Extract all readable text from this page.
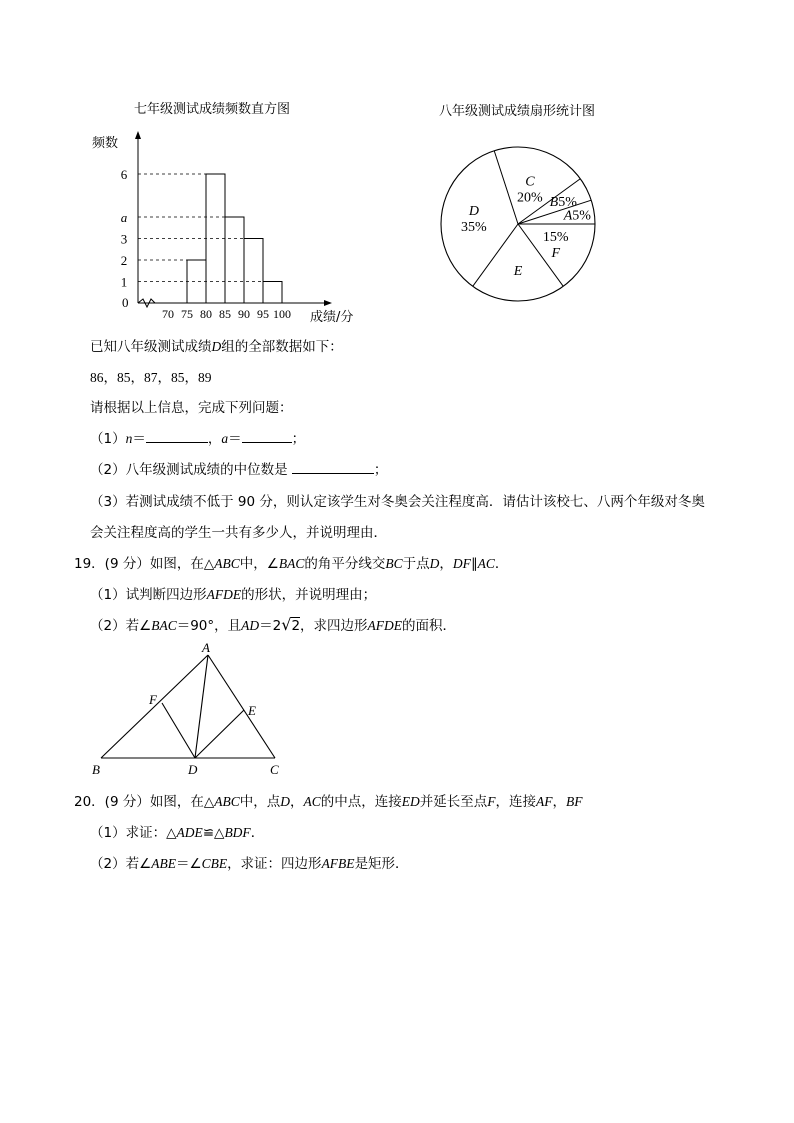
七年级测试成绩频数直方图
频数
成绩/分
0
70 75 80 85 90 95 100
1
2
3
a
6
八年级测试成绩扇形统计图
A5%
B5%
C
20%
D
35%
E
15%
F
已知八年级测试成绩D组的全部数据如下：
86，85，87，85，89
请根据以上信息，完成下列问题：
（1）n＝	，a＝	；
（2）八年级测试成绩的中位数是	；
（3）若测试成绩不低于 90 分，则认定该学生对冬奥会关注程度高．请估计该校七、八两个年级对冬奥
会关注程度高的学生一共有多少人，并说明理由．
19．(9 分）如图，在△ABC中，∠BAC的角平分线交BC于点D，DF∥AC．
（1）试判断四边形AFDE的形状，并说明理由；
（2）若∠BAC＝90°，且AD＝2√2，求四边形AFDE的面积．
A
B	C
D
E
F
20．(9 分）如图，在△ABC中，点D，AC的中点，连接ED并延长至点F，连接AF，BF
（1）求证：△ADE≌△BDF．
（2）若∠ABE＝∠CBE，求证：四边形AFBE是矩形．
